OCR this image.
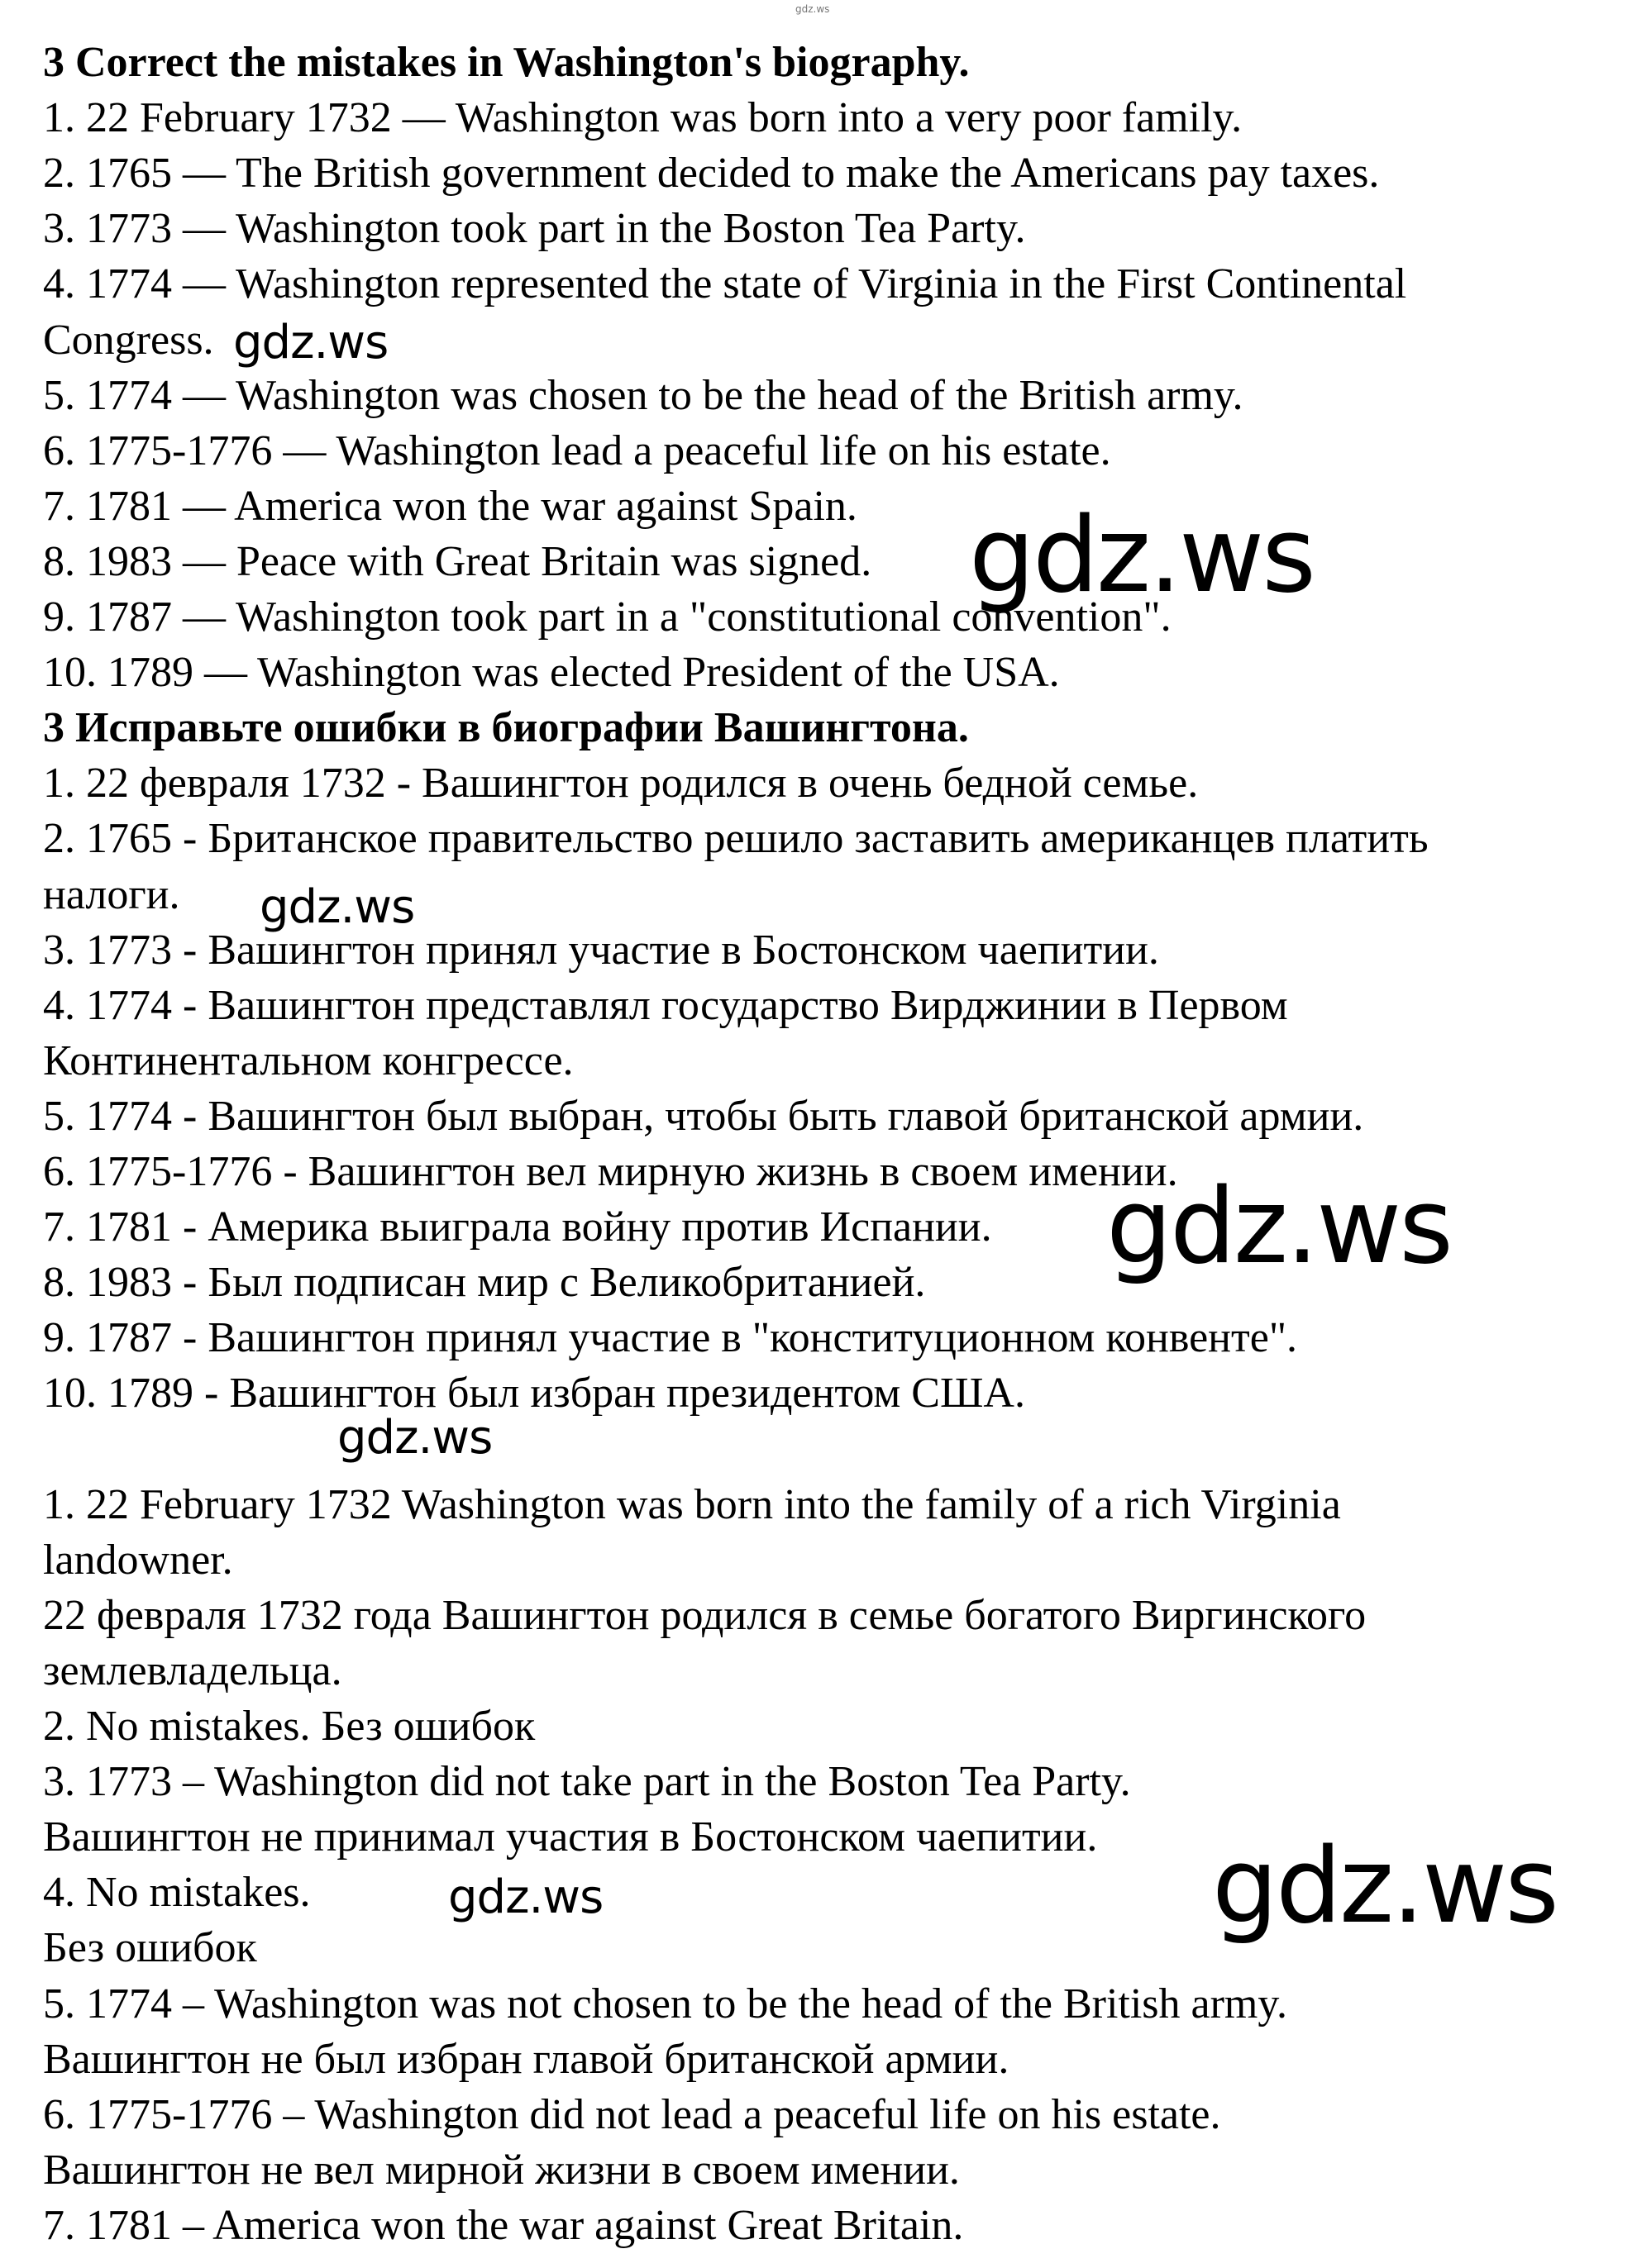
gdz.ws
3 Correct the mistakes in Washington's biography.
1. 22 February 1732 — Washington was born into a very poor family.
2. 1765 — The British government decided to make the Americans pay taxes.
3. 1773 — Washington took part in the Boston Tea Party.
4. 1774 — Washington represented the state of Virginia in the First Continental
Congress.
5. 1774 — Washington was chosen to be the head of the British army.
6. 1775-1776 — Washington lead a peaceful life on his estate.
7. 1781 — America won the war against Spain.
8. 1983 — Peace with Great Britain was signed.
9. 1787 — Washington took part in a "constitutional convention".
10. 1789 — Washington was elected President of the USA.
3 Исправьте ошибки в биографии Вашингтона.
1. 22 февраля 1732 - Вашингтон родился в очень бедной семье.
2. 1765 - Британское правительство решило заставить американцев платить
налоги.
3. 1773 - Вашингтон принял участие в Бостонском чаепитии.
4. 1774 - Вашингтон представлял государство Вирджинии в Первом
Континентальном конгрессе.
5. 1774 - Вашингтон был выбран, чтобы быть главой британской армии.
6. 1775-1776 - Вашингтон вел мирную жизнь в своем имении.
7. 1781 - Америка выиграла войну против Испании.
8. 1983 - Был подписан мир с Великобританией.
9. 1787 - Вашингтон принял участие в "конституционном конвенте".
10. 1789 - Вашингтон был избран президентом США.
1. 22 February 1732 Washington was born into the family of a rich Virginia
landowner.
22 февраля 1732 года Вашингтон родился в семье богатого Виргинского
землевладельца.
2. No mistakes. Без ошибок
3. 1773 – Washington did not take part in the Boston Tea Party.
Вашингтон не принимал участия в Бостонском чаепитии.
4. No mistakes.
Без ошибок
5. 1774 – Washington was not chosen to be the head of the British army.
Вашингтон не был избран главой британской армии.
6. 1775-1776 – Washington did not lead a peaceful life on his estate.
Вашингтон не вел мирной жизни в своем имении.
7. 1781 – America won the war against Great Britain.
gdz.ws
gdz.ws
gdz.ws
gdz.ws
gdz.ws
gdz.ws	gdz.ws
